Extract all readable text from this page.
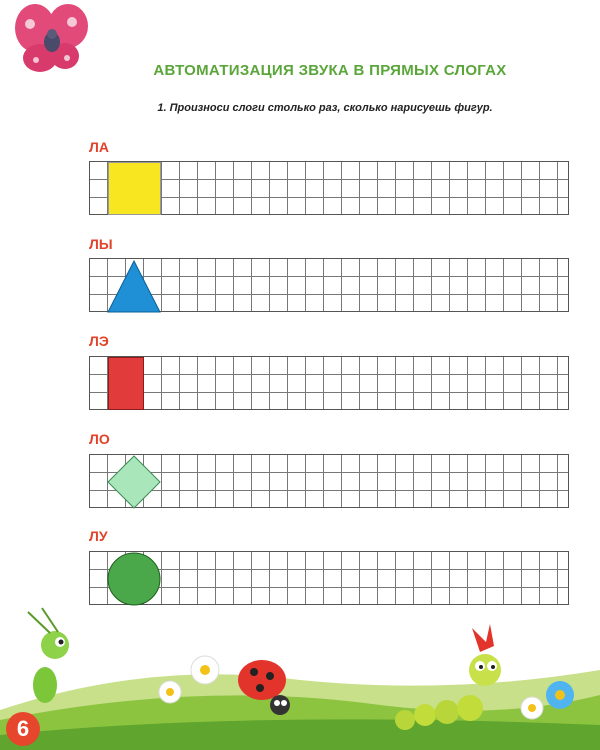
АВТОМАТИЗАЦИЯ ЗВУКА В ПРЯМЫХ СЛОГАХ
1. Произноси слоги столько раз, сколько нарисуешь фигур.
ЛА
ЛЫ
ЛЭ
ЛО
ЛУ
6
